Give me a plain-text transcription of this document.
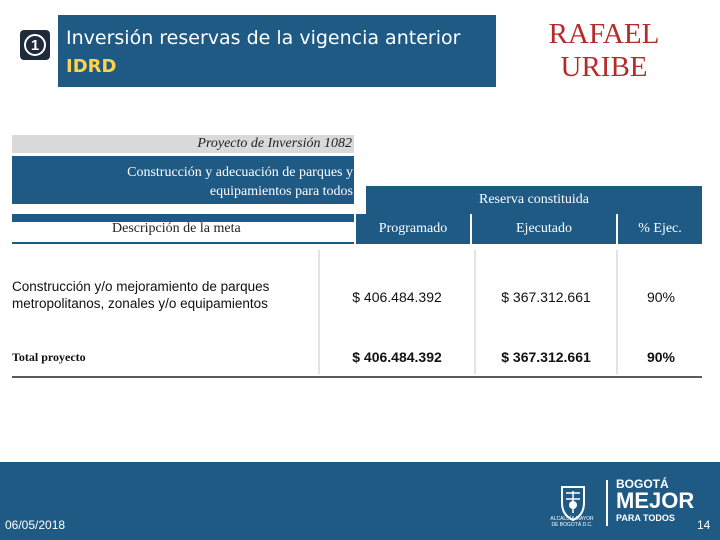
1 Inversión reservas de la vigencia anterior
IDRD
RAFAEL
URIBE
Proyecto de Inversión 1082
Construcción y adecuación de parques y
equipamientos para todos
Reserva constituida
Descripción de la meta	Programado	Ejecutado	% Ejec.
Construcción y/o mejoramiento de parques
metropolitanos, zonales y/o equipamientos	$ 406.484.392	$ 367.312.661	90%
Total proyecto	$ 406.484.392	$ 367.312.661	90%
06/05/2018	14
ALCALDÍA MAYOR
DE BOGOTÁ D.C.
BOGOTÁ
MEJOR
PARA TODOS
